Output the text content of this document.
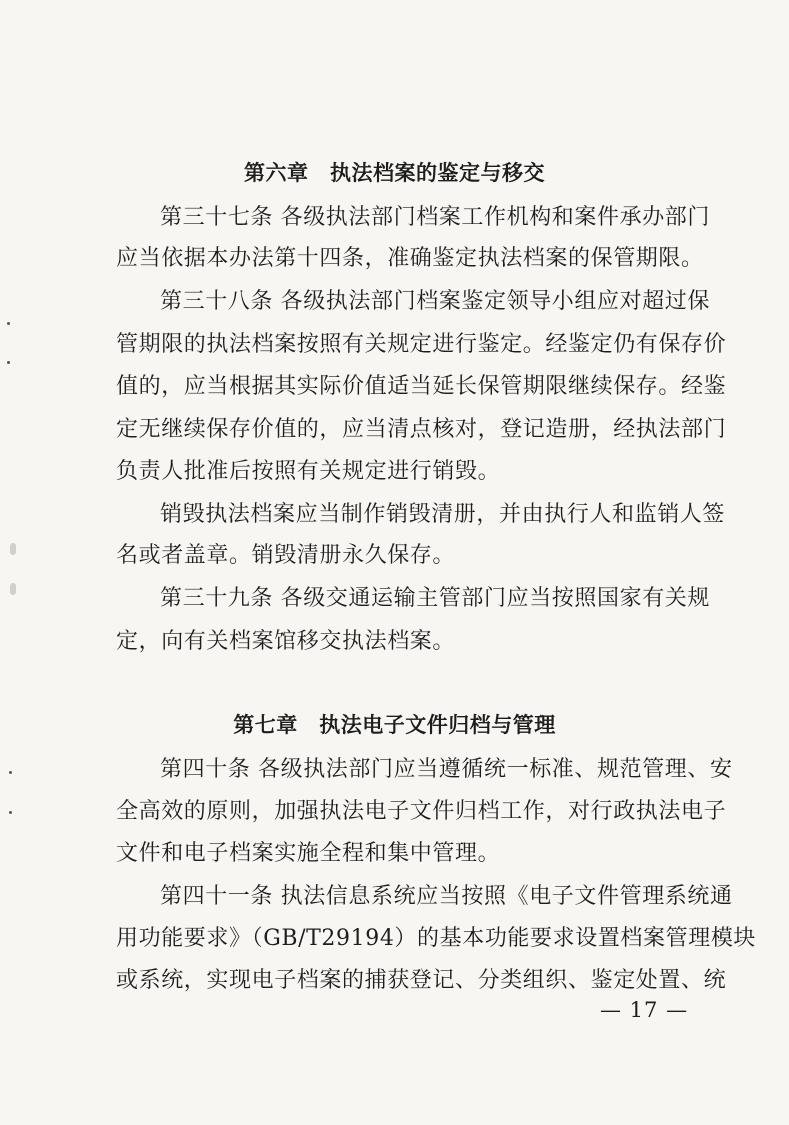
第六章　执法档案的鉴定与移交
第三十七条 各级执法部门档案工作机构和案件承办部门
应当依据本办法第十四条，准确鉴定执法档案的保管期限。
第三十八条 各级执法部门档案鉴定领导小组应对超过保
管期限的执法档案按照有关规定进行鉴定。经鉴定仍有保存价
值的，应当根据其实际价值适当延长保管期限继续保存。经鉴
定无继续保存价值的，应当清点核对，登记造册，经执法部门
负责人批准后按照有关规定进行销毁。
销毁执法档案应当制作销毁清册，并由执行人和监销人签
名或者盖章。销毁清册永久保存。
第三十九条 各级交通运输主管部门应当按照国家有关规
定，向有关档案馆移交执法档案。
第七章　执法电子文件归档与管理
第四十条 各级执法部门应当遵循统一标准、规范管理、安
全高效的原则，加强执法电子文件归档工作，对行政执法电子
文件和电子档案实施全程和集中管理。
第四十一条 执法信息系统应当按照《电子文件管理系统通
用功能要求》（GB/T29194）的基本功能要求设置档案管理模块
或系统，实现电子档案的捕获登记、分类组织、鉴定处置、统
— 17 —
